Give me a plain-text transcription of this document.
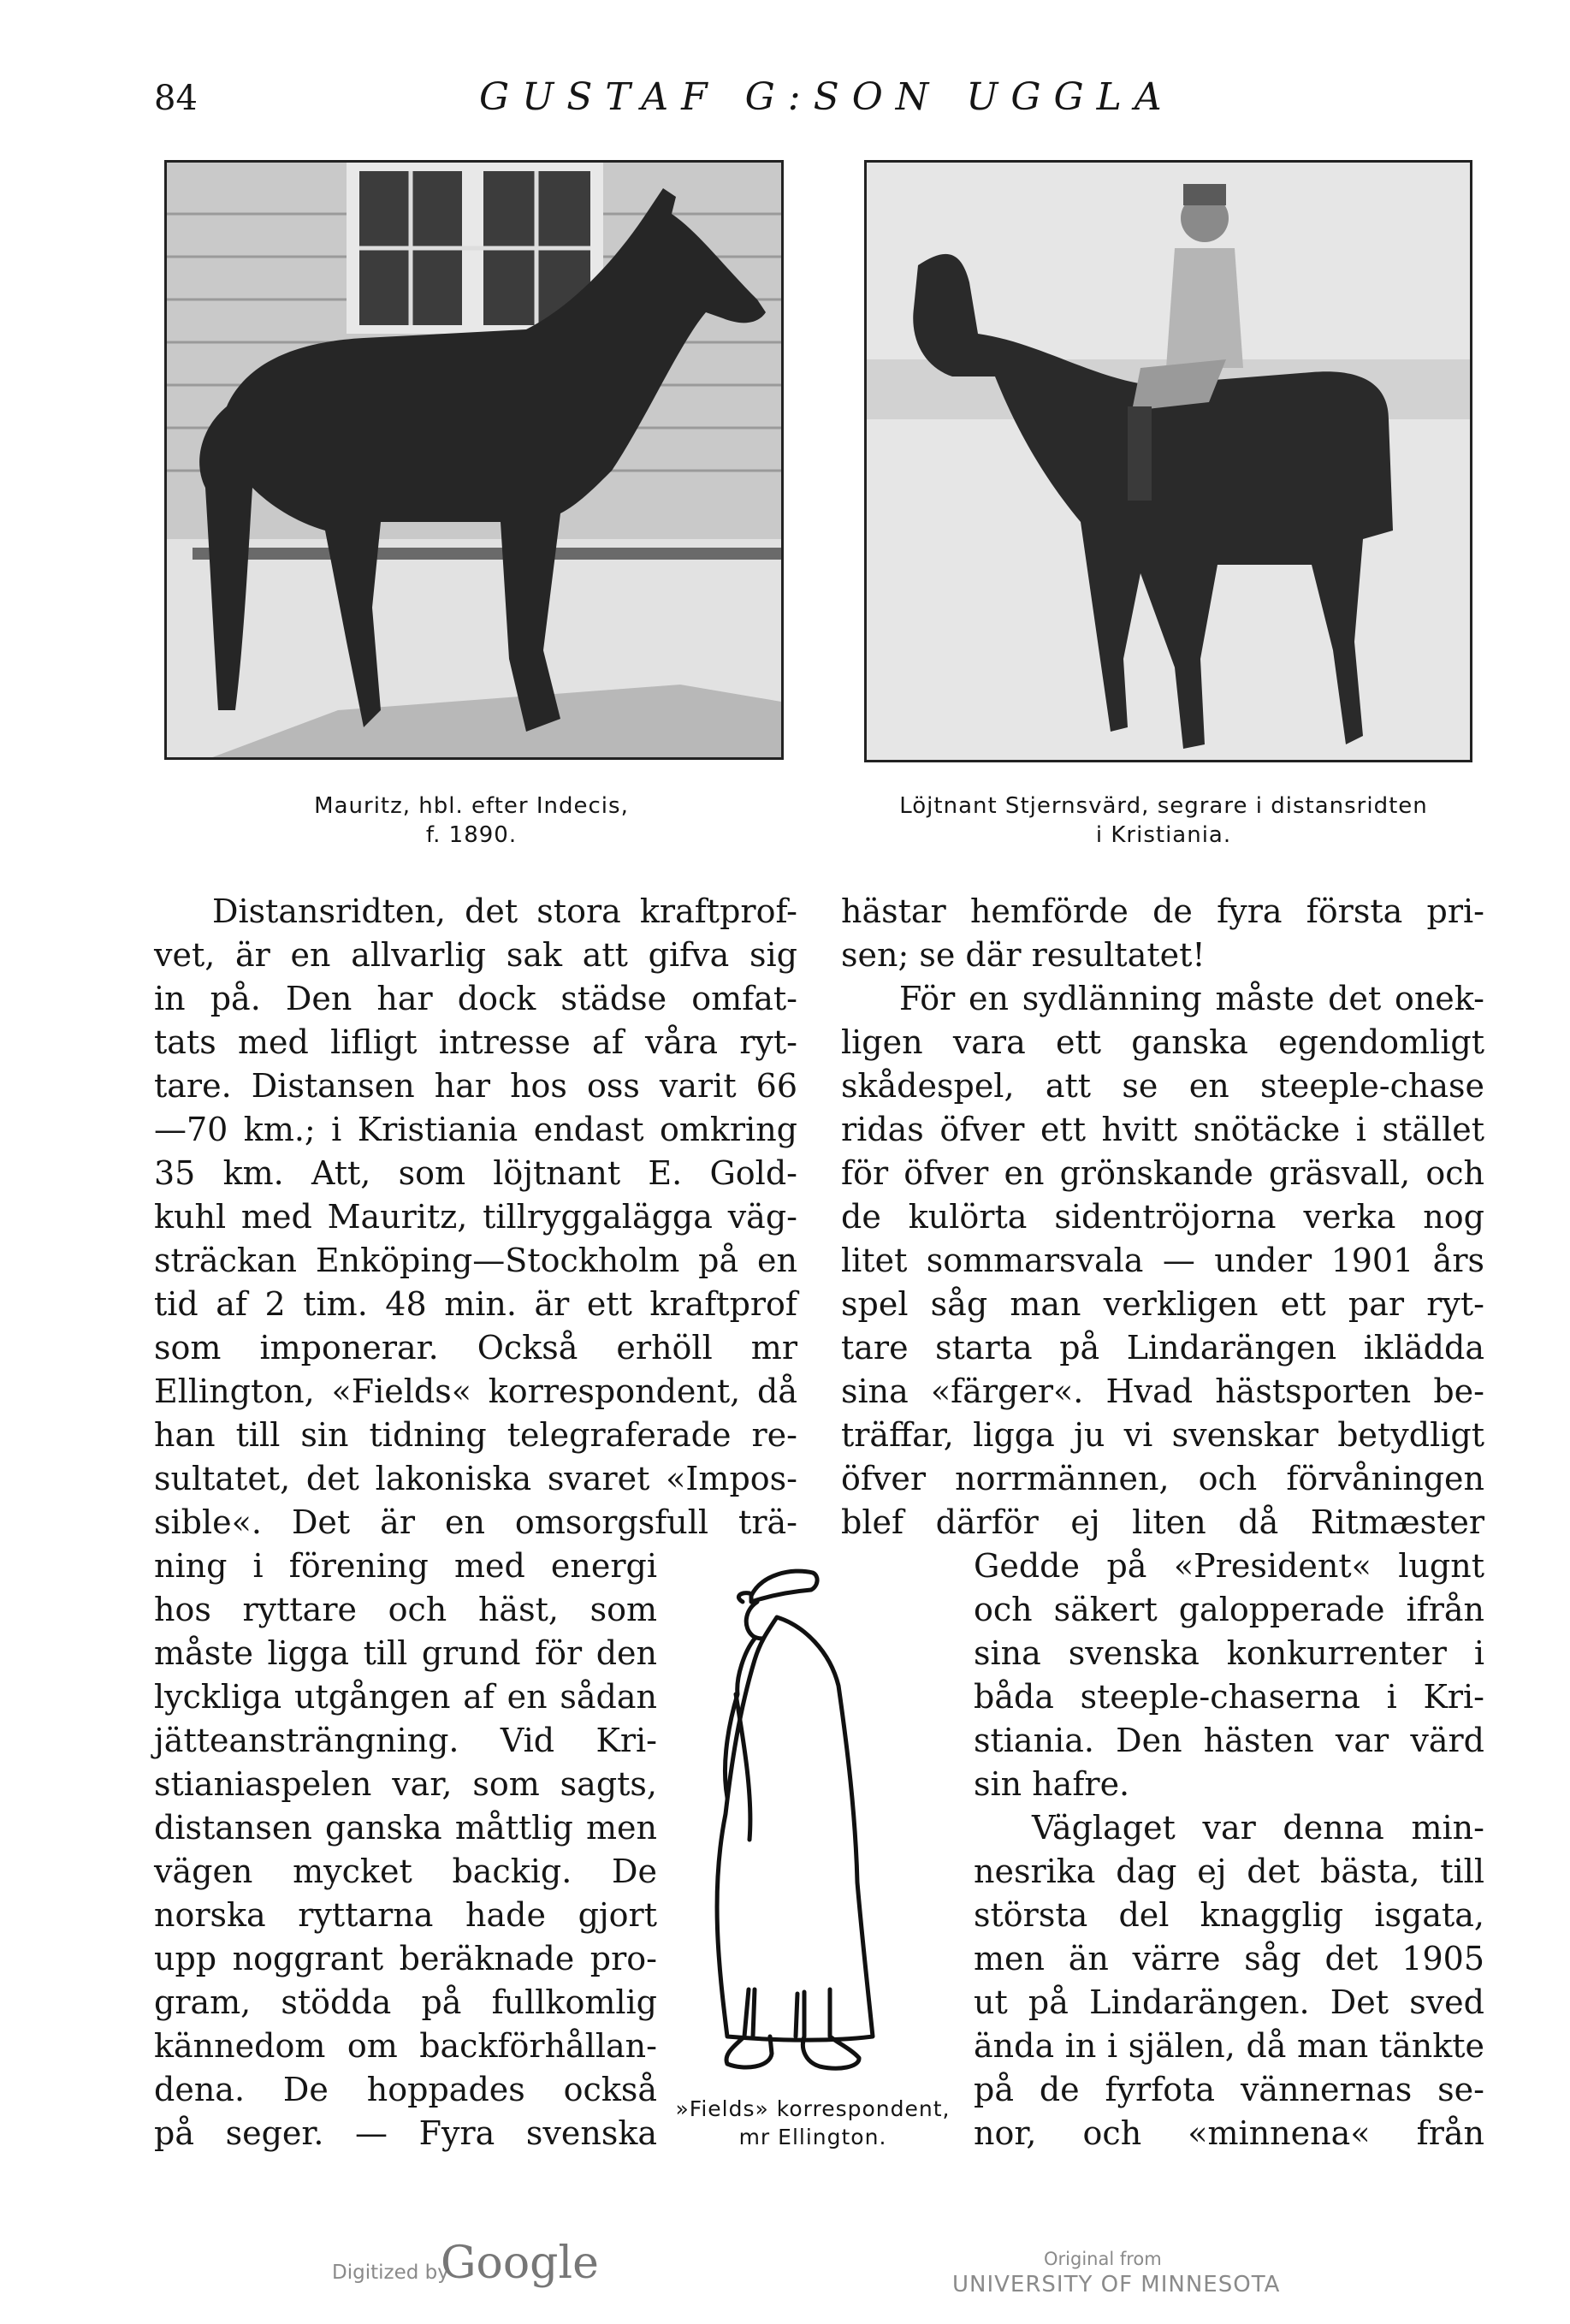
84	GUSTAF G:SON UGGLA
Mauritz, hbl. efter Indecis,
f. 1890.
Löjtnant Stjernsvärd, segrare i distansridten
i Kristiania.
Distansridten, det stora kraftprof-
vet, är en allvarlig sak att gifva sig
in på. Den har dock städse omfat-
tats med lifligt intresse af våra ryt-
tare. Distansen har hos oss varit 66
—70 km.; i Kristiania endast omkring
35 km. Att, som löjtnant E. Gold-
kuhl med Mauritz, tillryggalägga väg-
sträckan Enköping—Stockholm på en
tid af 2 tim. 48 min. är ett kraftprof
som imponerar. Också erhöll mr
Ellington, «Fields« korrespondent, då
han till sin tidning telegraferade re-
sultatet, det lakoniska svaret «Impos-
sible«. Det är en omsorgsfull trä-
ning i förening med energi
hos ryttare och häst, som
måste ligga till grund för den
lyckliga utgången af en sådan
jätteansträngning. Vid Kri-
stianiaspelen var, som sagts,
distansen ganska måttlig men
vägen mycket backig. De
norska ryttarna hade gjort
upp noggrant beräknade pro-
gram, stödda på fullkomlig
kännedom om backförhållan-
dena. De hoppades också
på seger. — Fyra svenska
hästar hemförde de fyra första pri-
sen; se där resultatet!
För en sydlänning måste det onek-
ligen vara ett ganska egendomligt
skådespel, att se en steeple-chase
ridas öfver ett hvitt snötäcke i stället
för öfver en grönskande gräsvall, och
de kulörta sidentröjorna verka nog
litet sommarsvala — under 1901 års
spel såg man verkligen ett par ryt-
tare starta på Lindarängen iklädda
sina «färger«. Hvad hästsporten be-
träffar, ligga ju vi svenskar betydligt
öfver norrmännen, och förvåningen
blef därför ej liten då Ritmæster
Gedde på «President« lugnt
och säkert galopperade ifrån
sina svenska konkurrenter i
båda steeple-chaserna i Kri-
stiania. Den hästen var värd
sin hafre.
Väglaget var denna min-
nesrika dag ej det bästa, till
största del knagglig isgata,
men än värre såg det 1905
ut på Lindarängen. Det sved
ända in i själen, då man tänkte
på de fyrfota vännernas se-
nor, och «minnena« från
»Fields» korrespondent,
mr Ellington.
Digitized by
Google	Original from
UNIVERSITY OF MINNESOTA
